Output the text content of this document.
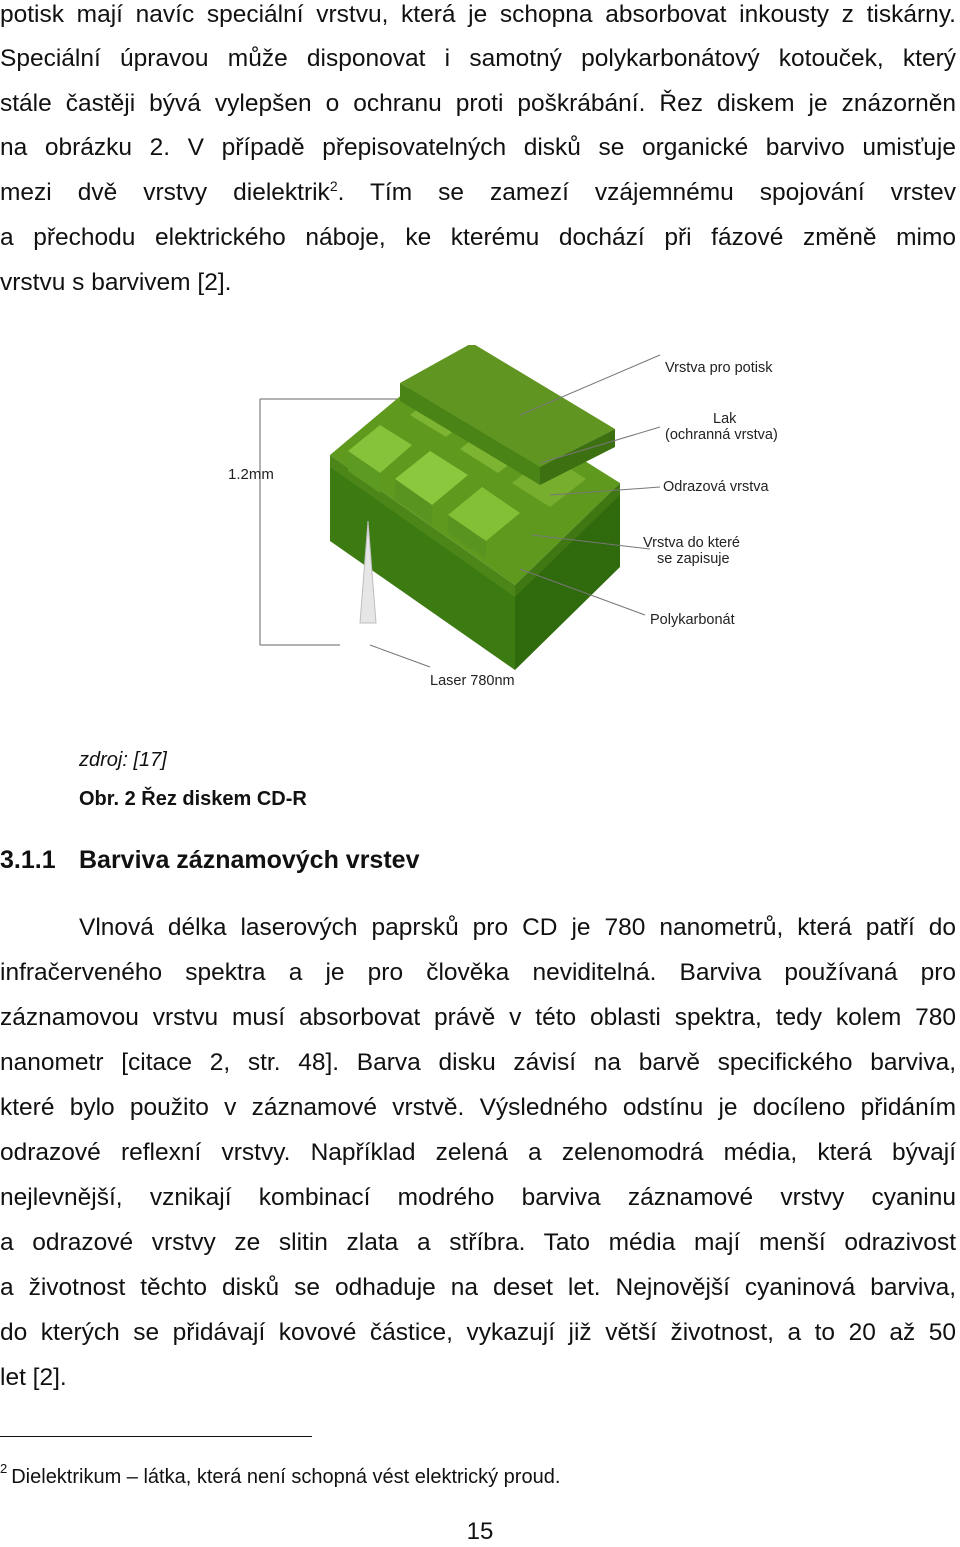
potisk mají navíc speciální vrstvu, která je schopna absorbovat inkousty z tiskárny.
Speciální úpravou může disponovat i samotný polykarbonátový kotouček, který
stále častěji bývá vylepšen o ochranu proti poškrábání. Řez diskem je znázorněn
na obrázku 2. V případě přepisovatelných disků se organické barvivo umisťuje
mezi dvě vrstvy dielektrik$^2$. Tím se zamezí vzájemnému spojování vrstev
a přechodu elektrického náboje, ke kterému dochází při fázové změně mimo
vrstvu s barvivem [2].
1.2mm
Vrstva pro potisk
Lak
(ochranná vrstva)
Odrazová vrstva
Vrstva do které
se zapisuje
Polykarbonát
Laser 780nm
zdroj: [17]
Obr. 2 Řez diskem CD-R
3.1.1 Barviva záznamových vrstev
Vlnová délka laserových paprsků pro CD je 780 nanometrů, která patří do
infračerveného spektra a je pro člověka neviditelná. Barviva používaná pro
záznamovou vrstvu musí absorbovat právě v této oblasti spektra, tedy kolem 780
nanometr [citace 2, str. 48]. Barva disku závisí na barvě specifického barviva,
které bylo použito v záznamové vrstvě. Výsledného odstínu je docíleno přidáním
odrazové reflexní vrstvy. Například zelená a zelenomodrá média, která bývají
nejlevnější, vznikají kombinací modrého barviva záznamové vrstvy cyaninu
a odrazové vrstvy ze slitin zlata a stříbra. Tato média mají menší odrazivost
a životnost těchto disků se odhaduje na deset let. Nejnovější cyaninová barviva,
do kterých se přidávají kovové částice, vykazují již větší životnost, a to 20 až 50
let [2].
$^2$ Dielektrikum – látka, která není schopná vést elektrický proud.
15
